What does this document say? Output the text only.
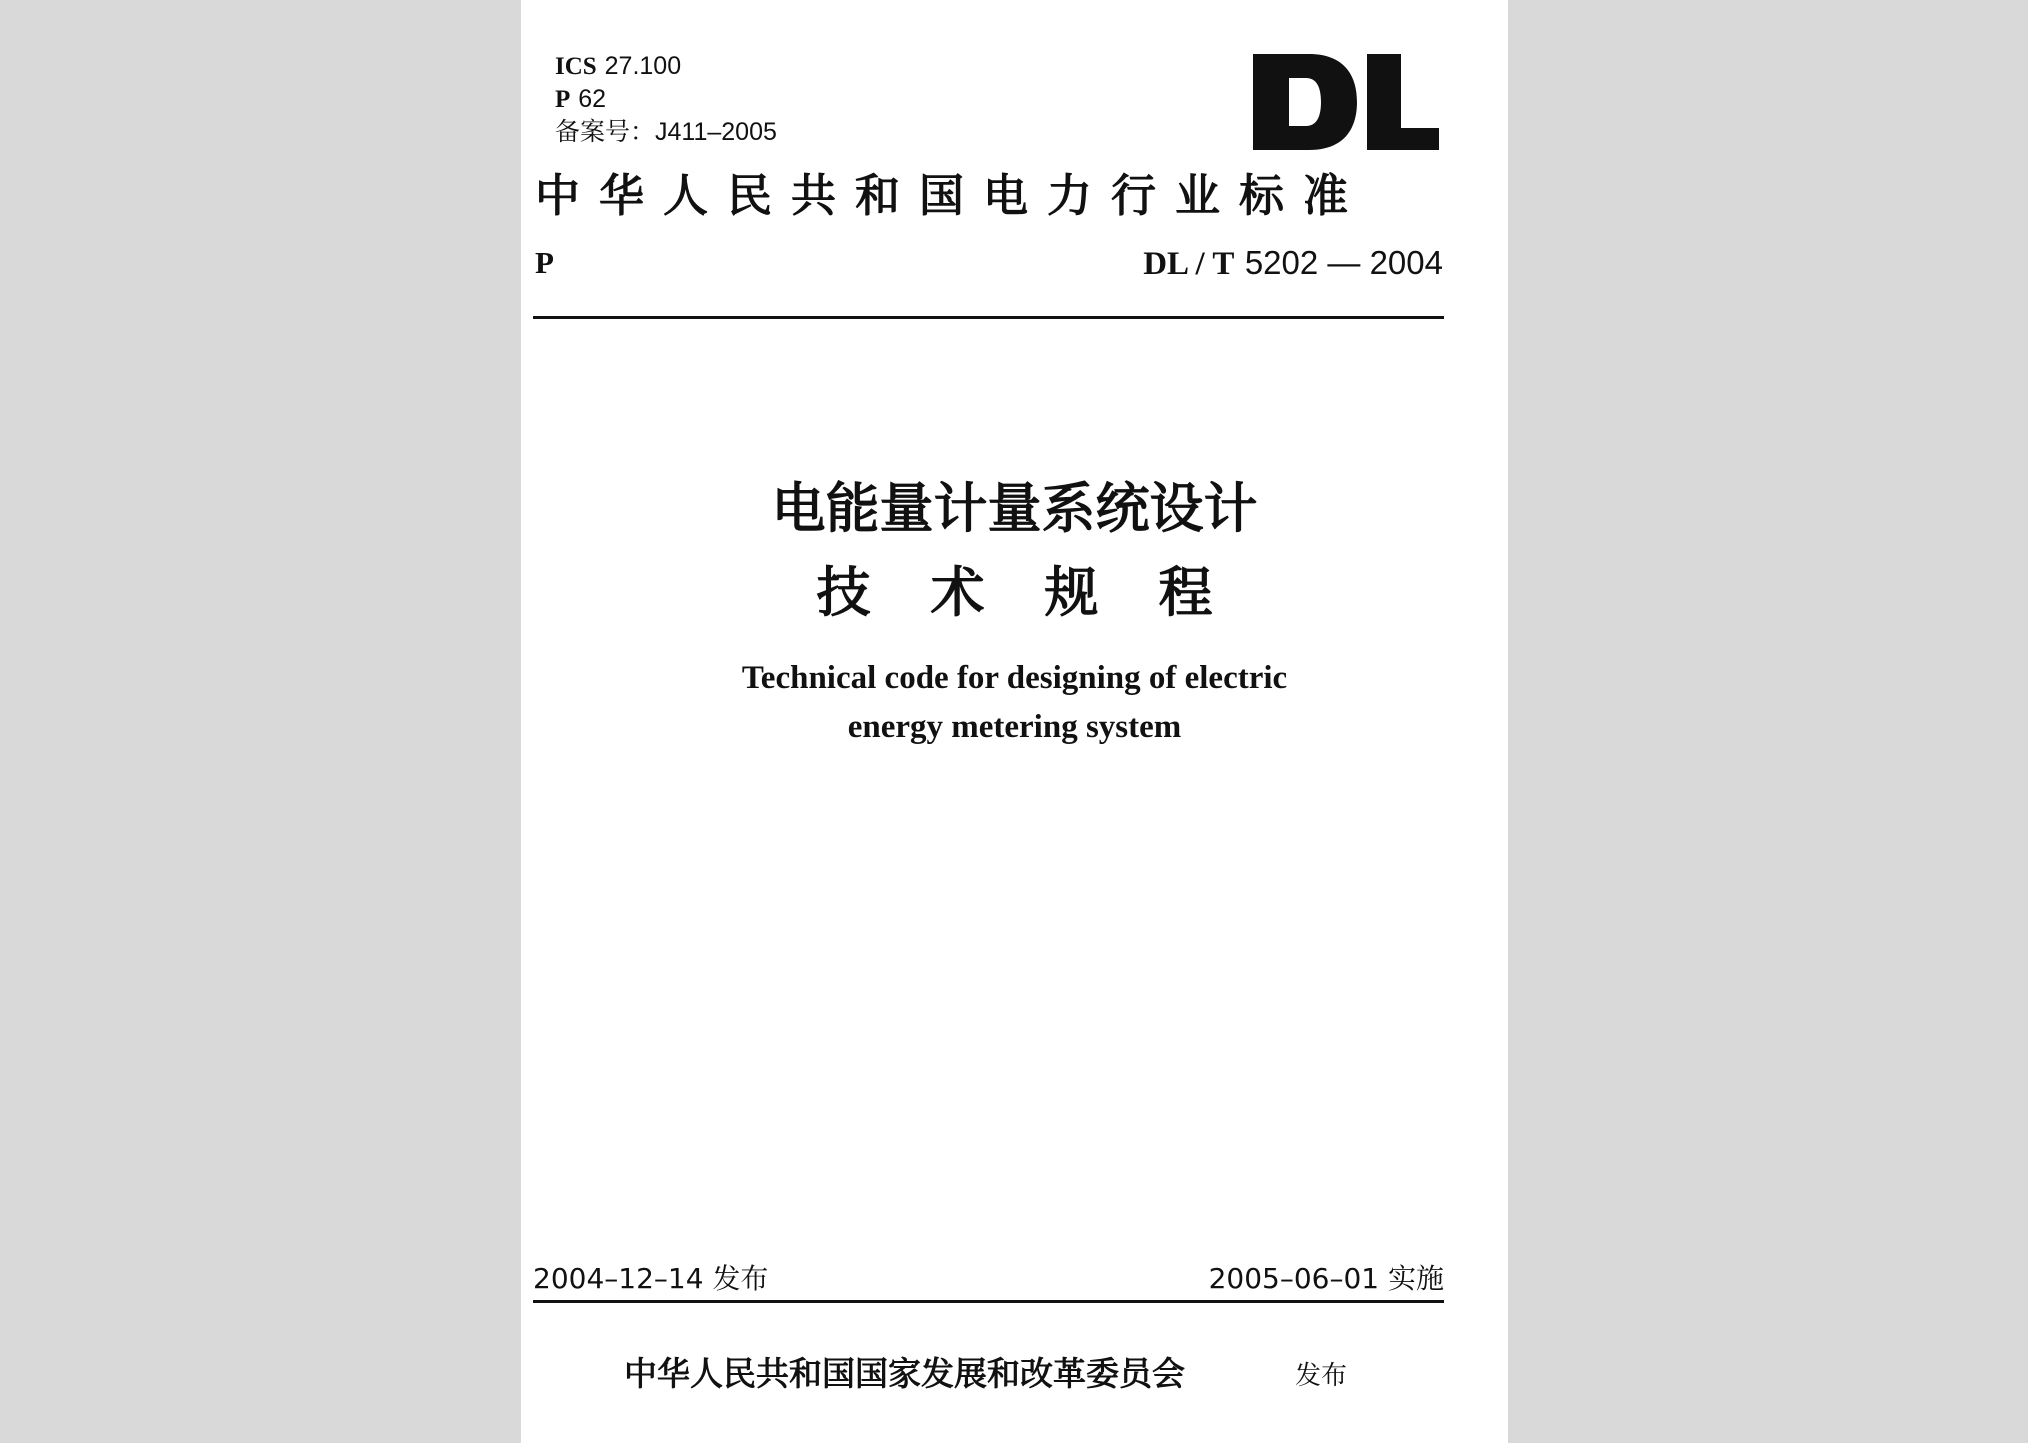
ICS 27.100
P 62
备案号：J411–2005
DL
中华人民共和国电力行业标准
P	DL / T 5202 — 2004
电能量计量系统设计
技术规程
Technical code for designing of electric
energy metering system
2004–12–14 发布	2005–06–01 实施
中华人民共和国国家发展和改革委员会	发布
